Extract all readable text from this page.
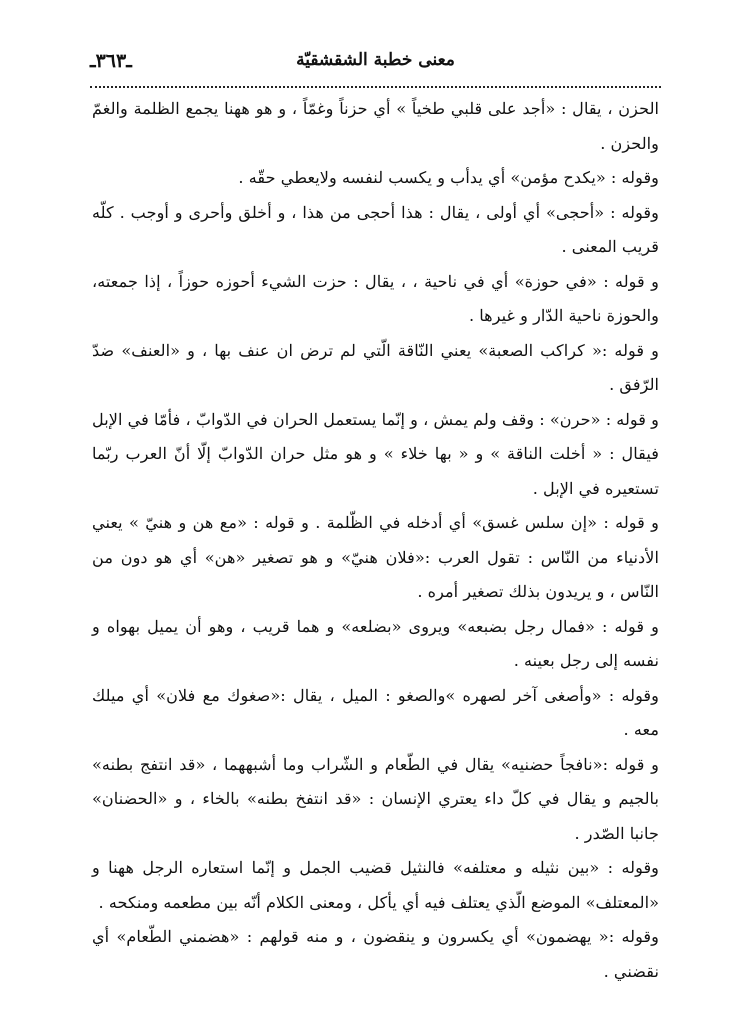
ـ٣٦٣ـ	معنى خطبة الشقشقيّة

الحزن ، يقال : «أجد على قلبي طخياً » أي حزناً وغمّاً ، و هو ههنا يجمع الظلمة والغمّ والحزن .

وقوله : «يكدح مؤمن» أي يدأب و يكسب لنفسه ولايعطي حقّه .

وقوله : «أحجى» أي أولى ، يقال : هذا أحجى من هذا ، و أخلق وأحرى و أوجب . كلّه قريب المعنى .

و قوله : «في حوزة» أي في ناحية ، ، يقال : حزت الشيء أحوزه حوزاً ، إذا جمعته، والحوزة ناحية الدّار و غيرها .

و قوله :« كراكب الصعبة» يعني النّاقة الّتي لم ترض ان عنف بها ، و «العنف» ضدّ الرّفق .

و قوله : «حرن» : وقف ولم يمش ، و إنّما يستعمل الحران في الدّوابّ ، فأمّا في الإبل فيقال : « أخلت الناقة » و « بها خلاء » و هو مثل حران الدّوابّ إلّا أنّ العرب ربّما تستعيره في الإبل .

و قوله : «إن سلس غسق» أي أدخله في الظّلمة . و قوله : «مع هن و هنيّ » يعني الأدنياء من النّاس : تقول العرب :«فلان هنيّ» و هو تصغير «هن» أي هو دون من النّاس ، و يريدون بذلك تصغير أمره .

و قوله : «فمال رجل بضبعه» ويروى «بضلعه» و هما قريب ، وهو أن يميل بهواه و نفسه إلى رجل بعينه .

وقوله : «وأصغى آخر لصهره »والصغو : الميل ، يقال :«صغوك مع فلان» أي ميلك معه .

و قوله :«نافجاً حضنيه» يقال في الطّعام و الشّراب وما أشبههما ، «قد انتفج بطنه» بالجيم و يقال في كلّ داء يعتري الإنسان : «قد انتفخ بطنه» بالخاء ، و «الحضنان» جانبا الصّدر .

وقوله : «بين نثيله و معتلفه» فالنثيل قضيب الجمل و إنّما استعاره الرجل ههنا و «المعتلف» الموضع الّذي يعتلف فيه أي يأكل ، ومعنى الكلام أنّه بين مطعمه ومنكحه .

وقوله :« يهضمون» أي يكسرون و ينقضون ، و منه قولهم : «هضمني الطّعام» أي نقضني .
